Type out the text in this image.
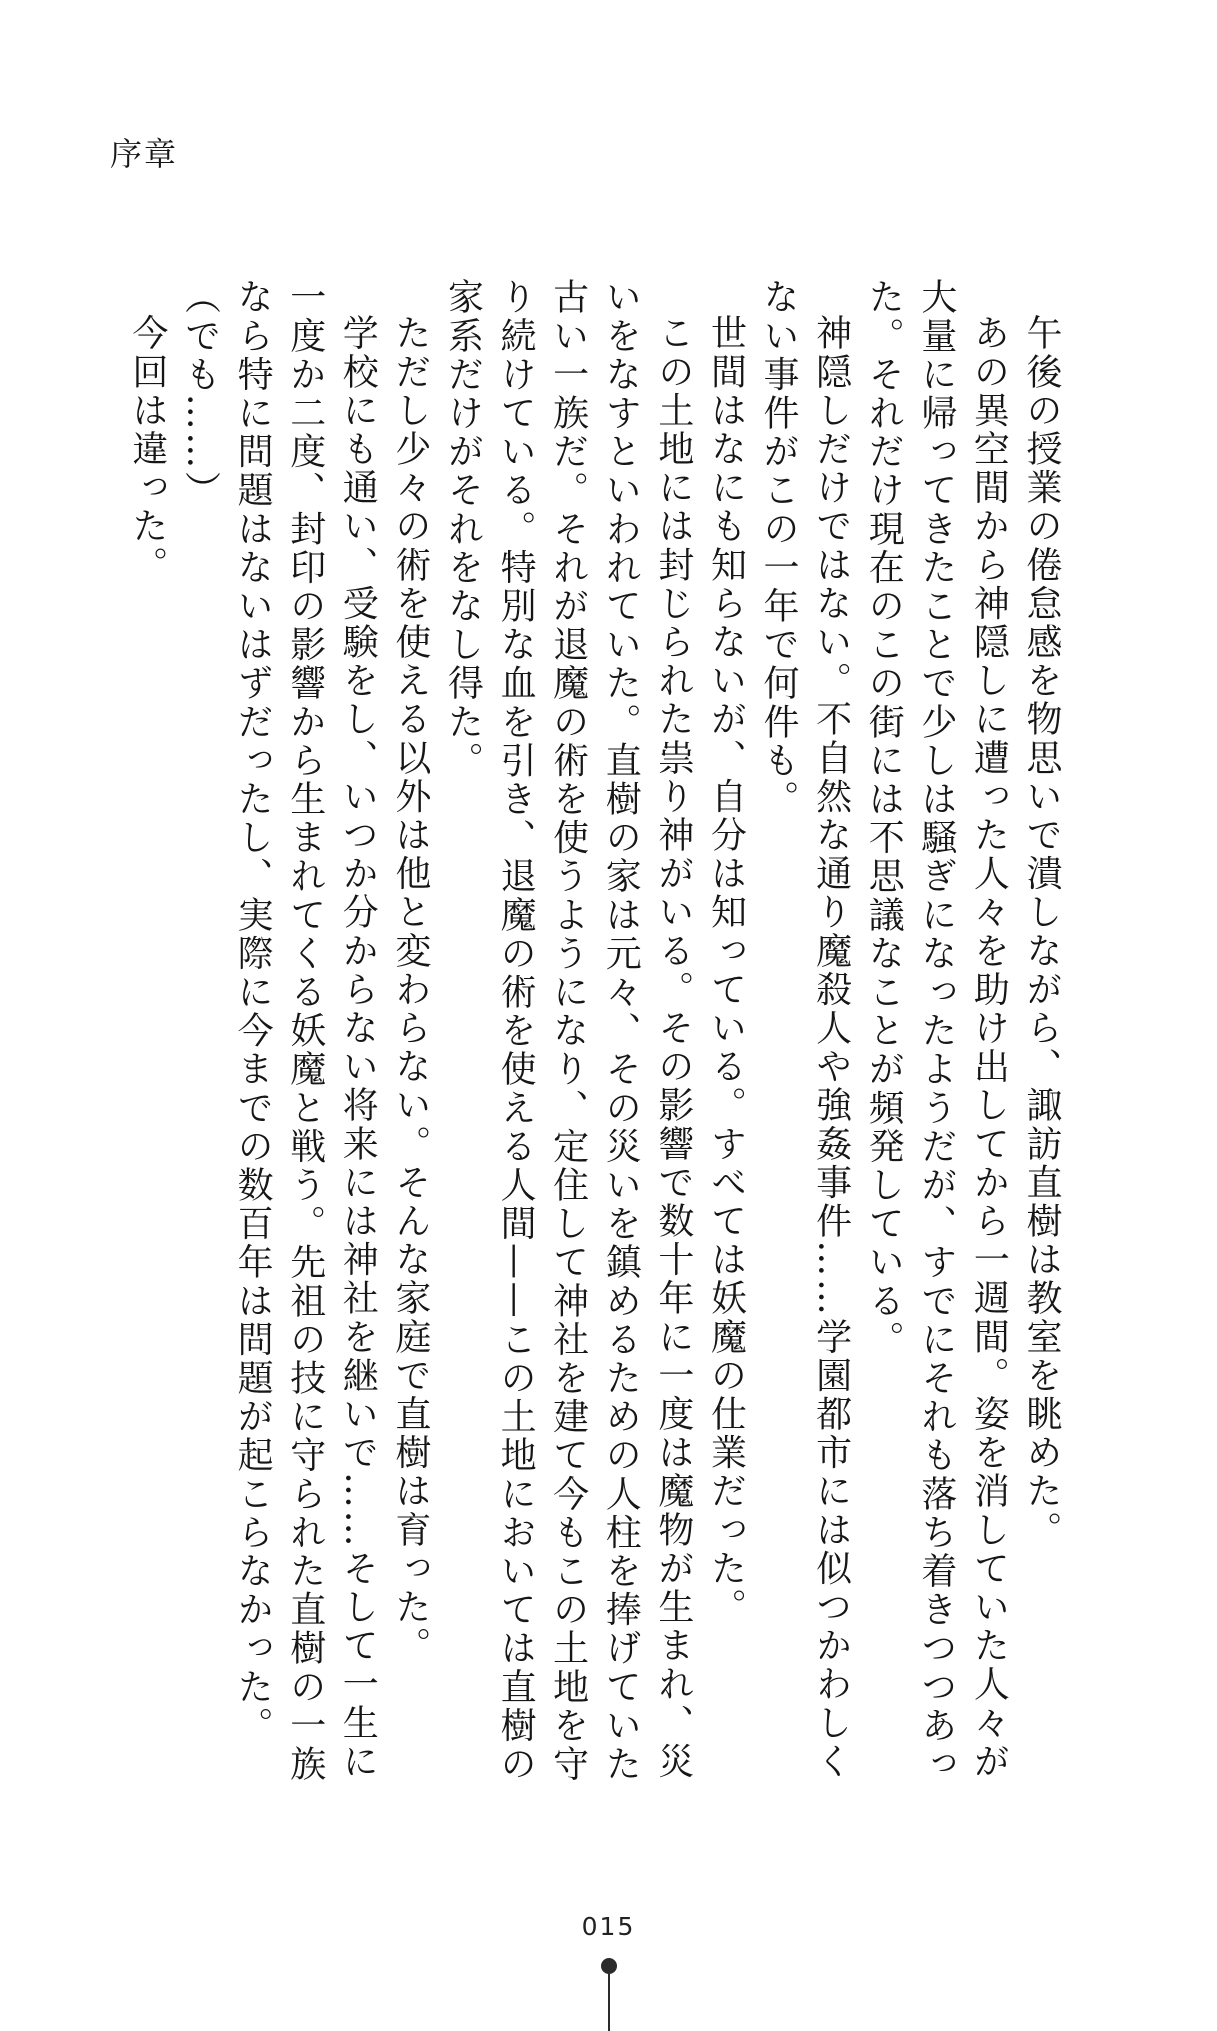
序章

午後の授業の倦怠感を物思いで潰しながら、諏訪直樹は教室を眺めた。

あの異空間から神隠しに遭った人々を助け出してから一週間。姿を消していた人々が大量に帰ってきたことで少しは騒ぎになったようだが、すでにそれも落ち着きつつあった。それだけ現在のこの街には不思議なことが頻発している。

神隠しだけではない。不自然な通り魔殺人や強姦事件……学園都市には似つかわしくない事件がこの一年で何件も。

世間はなにも知らないが、自分は知っている。すべては妖魔の仕業だった。

この土地には封じられた祟り神がいる。その影響で数十年に一度は魔物が生まれ、災いをなすといわれていた。直樹の家は元々、その災いを鎮めるための人柱を捧げていた古い一族だ。それが退魔の術を使うようになり、定住して神社を建て今もこの土地を守り続けている。特別な血を引き、退魔の術を使える人間——この土地においては直樹の家系だけがそれをなし得た。

ただし少々の術を使える以外は他と変わらない。そんな家庭で直樹は育った。

学校にも通い、受験をし、いつか分からない将来には神社を継いで……そして一生に一度か二度、封印の影響から生まれてくる妖魔と戦う。先祖の技に守られた直樹の一族なら特に問題はないはずだったし、実際に今までの数百年は問題が起こらなかった。

（でも……）

今回は違った。

015
